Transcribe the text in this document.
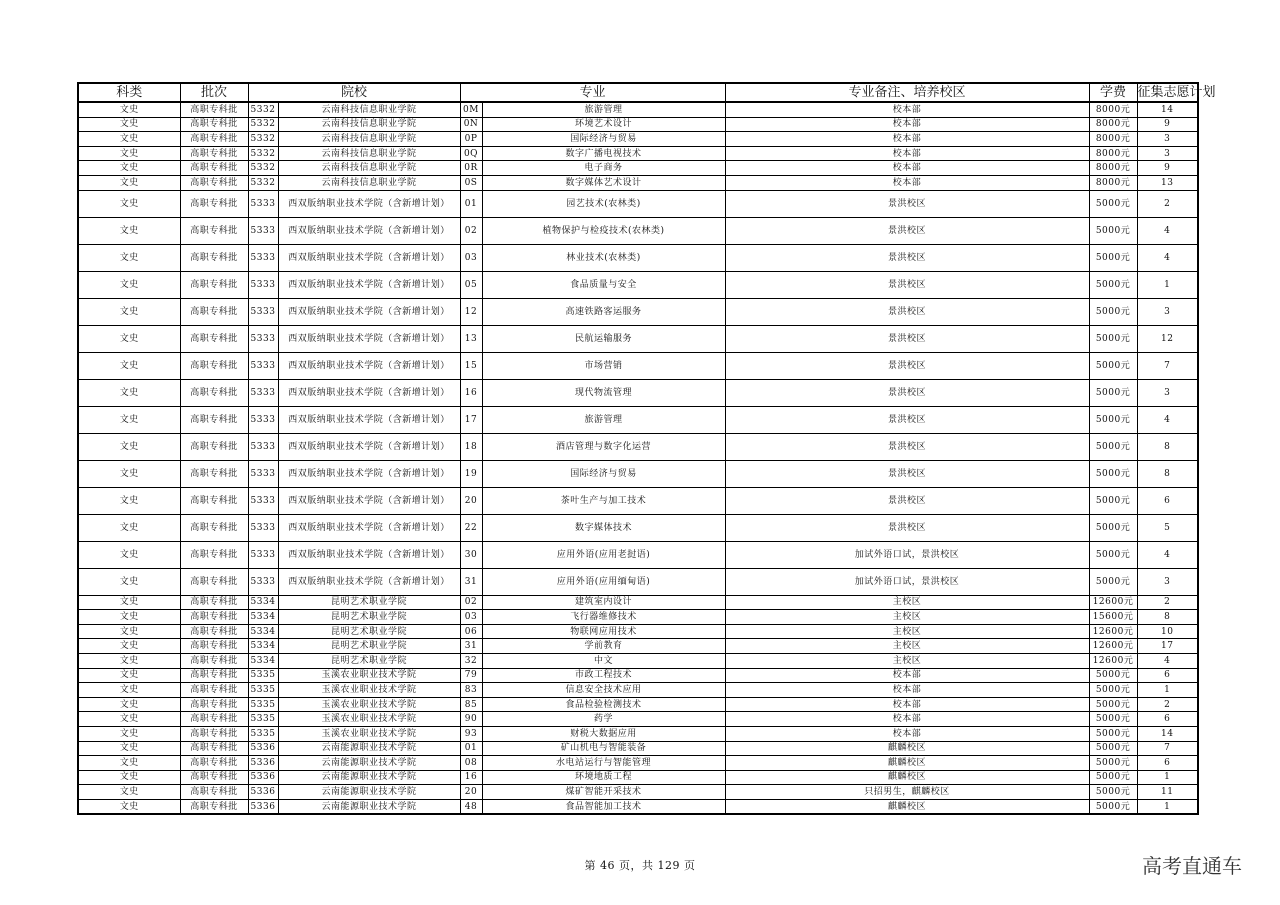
科类	批次	院校		专业		专业备注、培养校区	学费	征集志愿计划
文史	高职专科批	5332	云南科技信息职业学院	0M	旅游管理	校本部	8000元	14
文史	高职专科批	5332	云南科技信息职业学院	0N	环境艺术设计	校本部	8000元	9
文史	高职专科批	5332	云南科技信息职业学院	0P	国际经济与贸易	校本部	8000元	3
文史	高职专科批	5332	云南科技信息职业学院	0Q	数字广播电视技术	校本部	8000元	3
文史	高职专科批	5332	云南科技信息职业学院	0R	电子商务	校本部	8000元	9
文史	高职专科批	5332	云南科技信息职业学院	0S	数字媒体艺术设计	校本部	8000元	13
文史	高职专科批	5333	西双版纳职业技术学院（含新增计划）	01	园艺技术(农林类)	景洪校区	5000元	2
文史	高职专科批	5333	西双版纳职业技术学院（含新增计划）	02	植物保护与检疫技术(农林类)	景洪校区	5000元	4
文史	高职专科批	5333	西双版纳职业技术学院（含新增计划）	03	林业技术(农林类)	景洪校区	5000元	4
文史	高职专科批	5333	西双版纳职业技术学院（含新增计划）	05	食品质量与安全	景洪校区	5000元	1
文史	高职专科批	5333	西双版纳职业技术学院（含新增计划）	12	高速铁路客运服务	景洪校区	5000元	3
文史	高职专科批	5333	西双版纳职业技术学院（含新增计划）	13	民航运输服务	景洪校区	5000元	12
文史	高职专科批	5333	西双版纳职业技术学院（含新增计划）	15	市场营销	景洪校区	5000元	7
文史	高职专科批	5333	西双版纳职业技术学院（含新增计划）	16	现代物流管理	景洪校区	5000元	3
文史	高职专科批	5333	西双版纳职业技术学院（含新增计划）	17	旅游管理	景洪校区	5000元	4
文史	高职专科批	5333	西双版纳职业技术学院（含新增计划）	18	酒店管理与数字化运营	景洪校区	5000元	8
文史	高职专科批	5333	西双版纳职业技术学院（含新增计划）	19	国际经济与贸易	景洪校区	5000元	8
文史	高职专科批	5333	西双版纳职业技术学院（含新增计划）	20	茶叶生产与加工技术	景洪校区	5000元	6
文史	高职专科批	5333	西双版纳职业技术学院（含新增计划）	22	数字媒体技术	景洪校区	5000元	5
文史	高职专科批	5333	西双版纳职业技术学院（含新增计划）	30	应用外语(应用老挝语)	加试外语口试，景洪校区	5000元	4
文史	高职专科批	5333	西双版纳职业技术学院（含新增计划）	31	应用外语(应用缅甸语)	加试外语口试，景洪校区	5000元	3
文史	高职专科批	5334	昆明艺术职业学院	02	建筑室内设计	主校区	12600元	2
文史	高职专科批	5334	昆明艺术职业学院	03	飞行器维修技术	主校区	15600元	8
文史	高职专科批	5334	昆明艺术职业学院	06	物联网应用技术	主校区	12600元	10
文史	高职专科批	5334	昆明艺术职业学院	31	学前教育	主校区	12600元	17
文史	高职专科批	5334	昆明艺术职业学院	32	中文	主校区	12600元	4
文史	高职专科批	5335	玉溪农业职业技术学院	79	市政工程技术	校本部	5000元	6
文史	高职专科批	5335	玉溪农业职业技术学院	83	信息安全技术应用	校本部	5000元	1
文史	高职专科批	5335	玉溪农业职业技术学院	85	食品检验检测技术	校本部	5000元	2
文史	高职专科批	5335	玉溪农业职业技术学院	90	药学	校本部	5000元	6
文史	高职专科批	5335	玉溪农业职业技术学院	93	财税大数据应用	校本部	5000元	14
文史	高职专科批	5336	云南能源职业技术学院	01	矿山机电与智能装备	麒麟校区	5000元	7
文史	高职专科批	5336	云南能源职业技术学院	08	水电站运行与智能管理	麒麟校区	5000元	6
文史	高职专科批	5336	云南能源职业技术学院	16	环境地质工程	麒麟校区	5000元	1
文史	高职专科批	5336	云南能源职业技术学院	20	煤矿智能开采技术	只招男生，麒麟校区	5000元	11
文史	高职专科批	5336	云南能源职业技术学院	48	食品智能加工技术	麒麟校区	5000元	1
第 46 页，共 129 页	高考直通车
